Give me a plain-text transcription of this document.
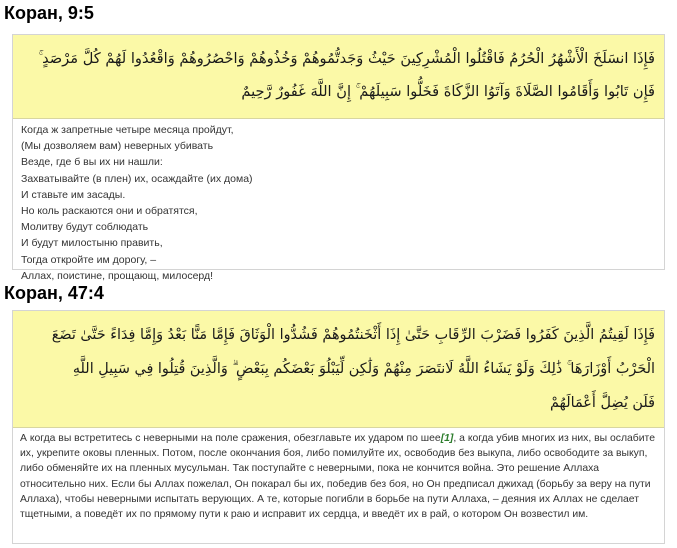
Коран, 9:5
فَإِذَا انسَلَخَ الْأَشْهُرُ الْحُرُمُ فَاقْتُلُوا الْمُشْرِكِينَ حَيْثُ وَجَدتُّمُوهُمْ وَخُذُوهُمْ وَاحْصُرُوهُمْ وَاقْعُدُوا لَهُمْ كُلَّ مَرْصَدٍ ۚ
فَإِن تَابُوا وَأَقَامُوا الصَّلَاةَ وَآتَوُا الزَّكَاةَ فَخَلُّوا سَبِيلَهُمْ ۚ إِنَّ اللَّهَ غَفُورٌ رَّحِيمٌ
Когда ж запретные четыре месяца пройдут,
(Мы дозволяем вам) неверных убивать
Везде, где б вы их ни нашли:
Захватывайте (в плен) их, осаждайте (их дома)
И ставьте им засады.
Но коль раскаются они и обратятся,
Молитву будут соблюдать
И будут милостыню править,
Тогда откройте им дорогу, –
Аллах, поистине, прощающ, милосерд!
Коран, 47:4
فَإِذَا لَقِيتُمُ الَّذِينَ كَفَرُوا فَضَرْبَ الرِّقَابِ حَتَّىٰ إِذَا أَثْخَنتُمُوهُمْ فَشُدُّوا الْوَثَاقَ فَإِمَّا مَنًّا بَعْدُ وَإِمَّا فِدَاءً حَتَّىٰ تَضَعَ
الْحَرْبُ أَوْزَارَهَا ۚ ذَٰلِكَ وَلَوْ يَشَاءُ اللَّهُ لَانتَصَرَ مِنْهُمْ وَلَٰكِن لِّيَبْلُوَ بَعْضَكُم بِبَعْضٍ ۗ وَالَّذِينَ قُتِلُوا فِي سَبِيلِ اللَّهِ
فَلَن يُضِلَّ أَعْمَالَهُمْ
А когда вы встретитесь с неверными на поле сражения, обезглавьте их ударом по шее[1], а когда убив многих из них, вы ослабите их, укрепите оковы пленных. Потом, после окончания боя, либо помилуйте их, освободив без выкупа, либо освободите за выкуп, либо обменяйте их на пленных мусульман. Так поступайте с неверными, пока не кончится война. Это решение Аллаха относительно них. Если бы Аллах пожелал, Он покарал бы их, победив без боя, но Он предписал джихад (борьбу за веру на пути Аллаха), чтобы неверными испытать верующих. А те, которые погибли в борьбе на пути Аллаха, – деяния их Аллах не сделает тщетными, а поведёт их по прямому пути к раю и исправит их сердца, и введёт их в рай, о котором Он возвестил им.
